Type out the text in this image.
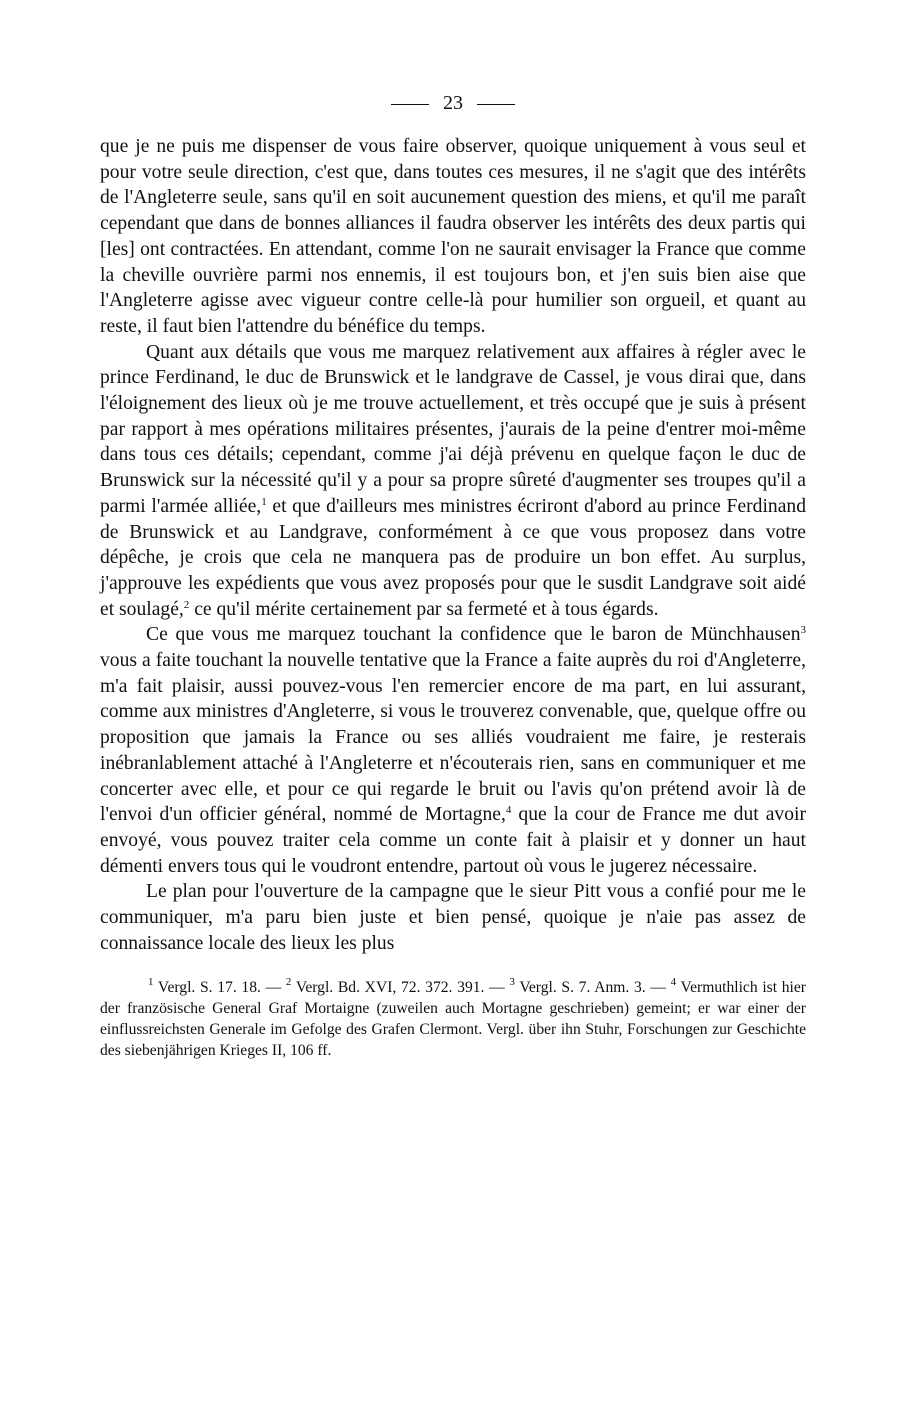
23

que je ne puis me dispenser de vous faire observer, quoique uniquement à vous seul et pour votre seule direction, c'est que, dans toutes ces mesures, il ne s'agit que des intérêts de l'Angleterre seule, sans qu'il en soit aucunement question des miens, et qu'il me paraît cependant que dans de bonnes alliances il faudra observer les intérêts des deux partis qui [les] ont contractées. En attendant, comme l'on ne saurait envisager la France que comme la cheville ouvrière parmi nos ennemis, il est toujours bon, et j'en suis bien aise que l'Angleterre agisse avec vigueur contre celle-là pour humilier son orgueil, et quant au reste, il faut bien l'attendre du bénéfice du temps.

Quant aux détails que vous me marquez relativement aux affaires à régler avec le prince Ferdinand, le duc de Brunswick et le landgrave de Cassel, je vous dirai que, dans l'éloignement des lieux où je me trouve actuellement, et très occupé que je suis à présent par rapport à mes opérations militaires présentes, j'aurais de la peine d'entrer moi-même dans tous ces détails; cependant, comme j'ai déjà prévenu en quelque façon le duc de Brunswick sur la nécessité qu'il y a pour sa propre sûreté d'augmenter ses troupes qu'il a parmi l'armée alliée,$^1$ et que d'ailleurs mes ministres écriront d'abord au prince Ferdinand de Brunswick et au Landgrave, conformément à ce que vous proposez dans votre dépêche, je crois que cela ne manquera pas de produire un bon effet. Au surplus, j'approuve les expédients que vous avez proposés pour que le susdit Landgrave soit aidé et soulagé,$^2$ ce qu'il mérite certainement par sa fermeté et à tous égards.

Ce que vous me marquez touchant la confidence que le baron de Münchhausen$^3$ vous a faite touchant la nouvelle tentative que la France a faite auprès du roi d'Angleterre, m'a fait plaisir, aussi pouvez-vous l'en remercier encore de ma part, en lui assurant, comme aux ministres d'Angleterre, si vous le trouverez convenable, que, quelque offre ou proposition que jamais la France ou ses alliés voudraient me faire, je resterais inébranlablement attaché à l'Angleterre et n'écouterais rien, sans en communiquer et me concerter avec elle, et pour ce qui regarde le bruit ou l'avis qu'on prétend avoir là de l'envoi d'un officier général, nommé de Mortagne,$^4$ que la cour de France me dut avoir envoyé, vous pouvez traiter cela comme un conte fait à plaisir et y donner un haut démenti envers tous qui le voudront entendre, partout où vous le jugerez nécessaire.

Le plan pour l'ouverture de la campagne que le sieur Pitt vous a confié pour me le communiquer, m'a paru bien juste et bien pensé, quoique je n'aie pas assez de connaissance locale des lieux les plus

$^1$ Vergl. S. 17. 18. — $^2$ Vergl. Bd. XVI, 72. 372. 391. — $^3$ Vergl. S. 7. Anm. 3. — $^4$ Vermuthlich ist hier der französische General Graf Mortaigne (zuweilen auch Mortagne geschrieben) gemeint; er war einer der einflussreichsten Generale im Gefolge des Grafen Clermont. Vergl. über ihn Stuhr, Forschungen zur Geschichte des siebenjährigen Krieges II, 106 ff.
